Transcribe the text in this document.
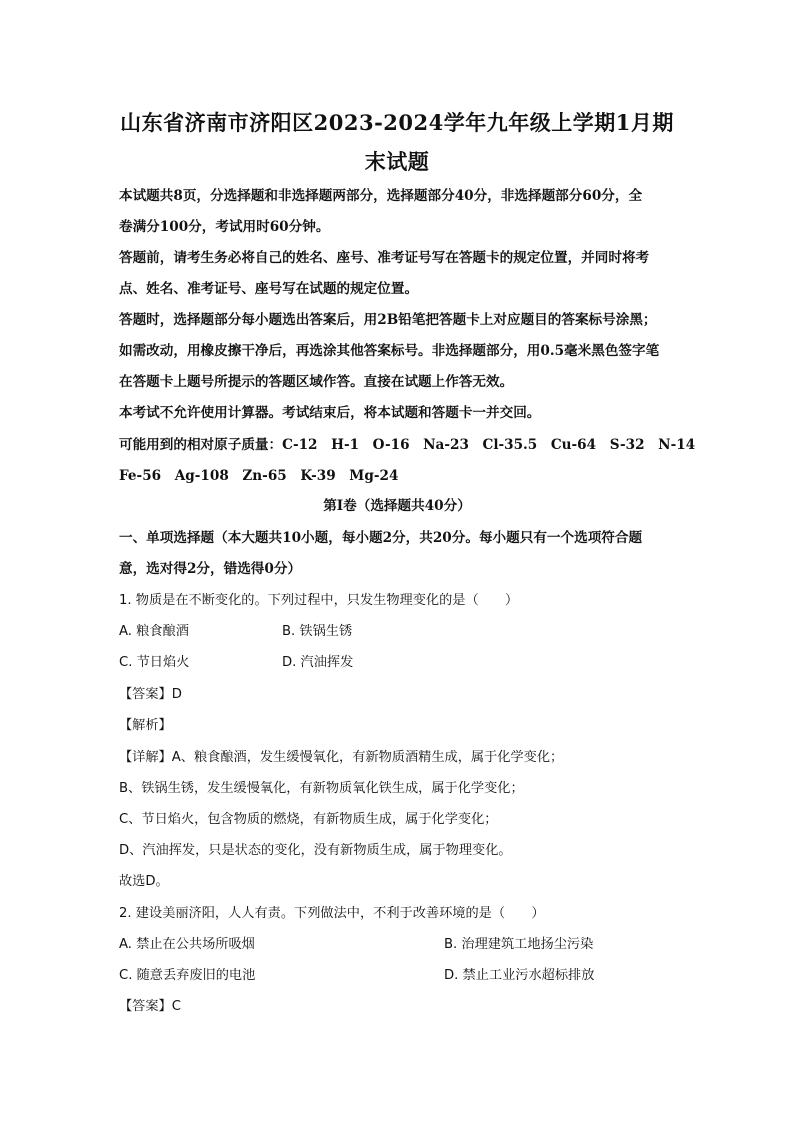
山东省济南市济阳区2023-2024学年九年级上学期1月期
末试题
本试题共8页，分选择题和非选择题两部分，选择题部分40分，非选择题部分60分，全
卷满分100分，考试用时60分钟。
答题前，请考生务必将自己的姓名、座号、准考证号写在答题卡的规定位置，并同时将考
点、姓名、准考证号、座号写在试题的规定位置。
答题时，选择题部分每小题选出答案后，用2B铅笔把答题卡上对应题目的答案标号涂黑；
如需改动，用橡皮擦干净后，再选涂其他答案标号。非选择题部分，用0.5毫米黑色签字笔
在答题卡上题号所提示的答题区域作答。直接在试题上作答无效。
本考试不允许使用计算器。考试结束后，将本试题和答题卡一并交回。
可能用到的相对原子质量：C-12　H-1　O-16　Na-23　Cl-35.5　Cu-64　S-32　N-14
Fe-56　Ag-108　Zn-65　K-39　Mg-24
第Ⅰ卷（选择题共40分）
一、单项选择题（本大题共10小题，每小题2分，共20分。每小题只有一个选项符合题
意，选对得2分，错选得0分）
1. 物质是在不断变化的。下列过程中，只发生物理变化的是（　　）
A. 粮食酿酒	B. 铁锅生锈
C. 节日焰火	D. 汽油挥发
【答案】D
【解析】
【详解】A、粮食酿酒，发生缓慢氧化，有新物质酒精生成，属于化学变化；
B、铁锅生锈，发生缓慢氧化，有新物质氧化铁生成，属于化学变化；
C、节日焰火，包含物质的燃烧，有新物质生成，属于化学变化；
D、汽油挥发，只是状态的变化，没有新物质生成，属于物理变化。
故选D。
2. 建设美丽济阳，人人有责。下列做法中，不利于改善环境的是（　　）
A. 禁止在公共场所吸烟	B. 治理建筑工地扬尘污染
C. 随意丢弃废旧的电池	D. 禁止工业污水超标排放
【答案】C
